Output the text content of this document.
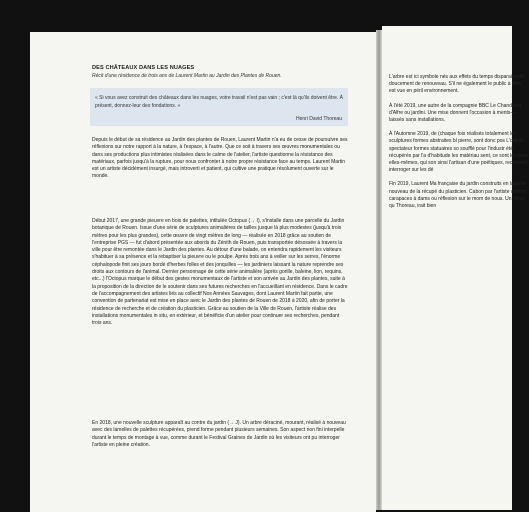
L'arbre est ici symbole nés aux effets du temps disparaissant doucement de renouveau. S'il ne également le public à libre est vue en péril environnement.

À l'été 2019, une autre de la compagnie BBC Le Chandelier d'Alfre ou jardini. Une mise donnent l'occasion à ments— laissés sans installations.

À l'Automne 2019, de (chaque fois réalisés totalement les sculptures formes abstraites bl pierre, sont donc pos L'œil du spectateur formes statuaires so soufflé pour l'industr été récupérés par l'a d'habitude les matériau sent, ce sont les form elles-mêmes, qui son sinsi l'artisan d'une poétiques, reconnect interroger sur les dé

Fin 2019, Laurent Ma française du jardin construits en lamelle nouveau de la récupé du plasticien. Cabon par l'artiste comme carapaces à dams ou réflexion sur le mom de nous. Un geste qu Thoreau, irait bien

DES CHÂTEAUX DANS LES NUAGES
Récit d'une résidence de trois ans de Laurent Martin au Jardin des Plantes de Rouen.
« Si vous avez construit des châteaux dans les nuages, votre travail n'est pas vain ; c'est là qu'ils doivent être. À présent, donnez-leur des fondations. »
Henri David Thoreau
Depuis le début de sa résidence au Jardin des plantes de Rouen, Laurent Martin n'a eu de cesse de poursuivre ses réflexions sur notre rapport à la nature, à l'espace, à l'autre. Que ce soit à travers ses œuvres monumentales ou dans ses productions plus intimistes réalisées dans le calme de l'atelier, l'artiste questionne la résistance des matériaux, parfois jusqu'à la rupture, pour nous confronter à notre propre résistance face au temps. Laurent Martin est un artiste décidément insurgé, mais introverti et patient, qui cultive une pratique résolument ouverte sur le monde.
Début 2017, une grande pieuvre en bois de palettes, intitulée Octopus (→ I), s'installe dans une parcelle du Jardin botanique de Rouen. Issue d'une série de sculptures animalières de tailles jusque là plus modestes (jusqu'à trois mètres pour les plus grandes), cette œuvre de vingt mètres de long — réalisée en 2018 grâce au soutien de l'entreprise PGS — fut d'abord présentée aux abords du Zénith de Rouen, puis transportée désossée à travers la ville pour être remontée dans le Jardin des plantes. Au détour d'une balade, on entendra rapidement les visiteurs s'habituer à sa présence et la rebaptiser la pieuvre ou le poulpe. Après trois ans à veiller sur les serres, l'énorme céphalopode finit ses jours bordé d'herbes folles et des jonquilles — les jardiniers laissant la nature reprendre ses droits aux contours de l'animal. Dernier personnage de cette série animalière (après gorille, baleine, lion, requins, etc...) l'Octopus marque le début des gestes monumentaux de l'artiste et son arrivée au Jardin des plantes, suite à la proposition de la direction de le soutenir dans ses futures recherches en l'accueillant en résidence. Dans le cadre de l'accompagnement des artistes liés au collectif Nos Années Sauvages, dont Laurent Martin fait partie, une convention de partenariat est mise en place avec le Jardin des plantes de Rouen de 2018 à 2020, afin de porter la résidence de recherche et de création du plasticien. Grâce au soutien de la Ville de Rouen, l'artiste réalise des installations monumentales in situ, en extérieur, et bénéficie d'un atelier pour continuer ses recherches, pendant trois ans.
En 2018, une nouvelle sculpture apparaît au contre du jardin (→ J). Un arbre déraciné, mourant, réalisé à nouveau avec des lamelles de palettes récupérées, prend forme pendant plusieurs semaines. Son aspect non fini interpelle durant le temps de montage à vue, comme durant le Festival Graines de Jardin où les visiteurs ont pu interroger l'artiste en pleine création.
